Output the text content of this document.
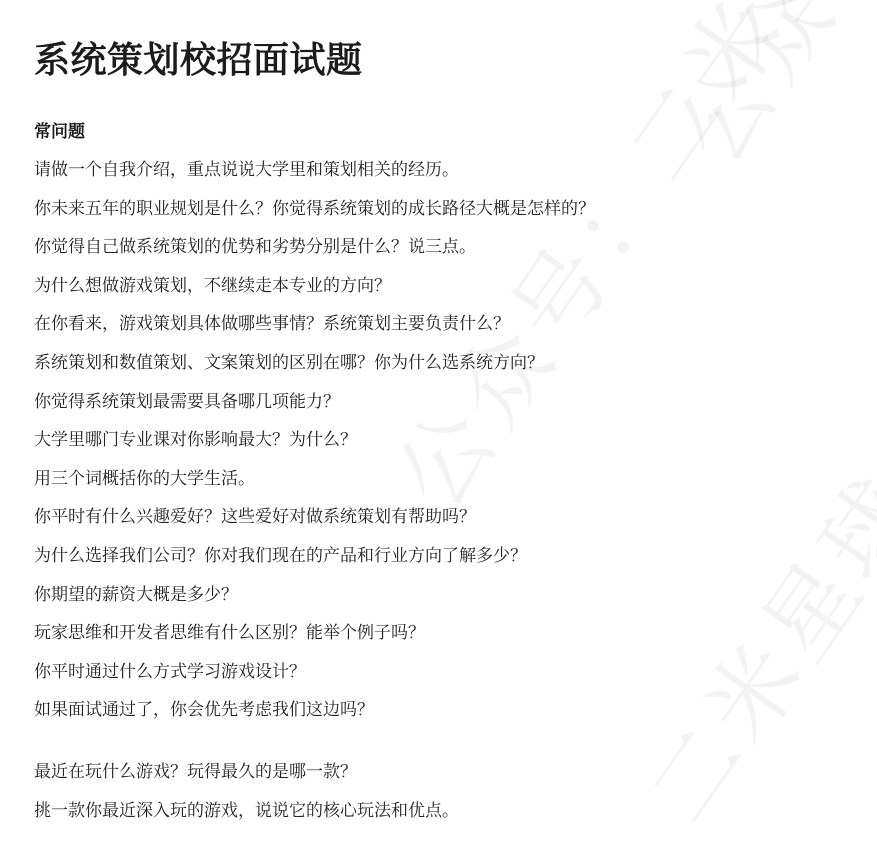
系统策划校招面试题
常问题
请做一个自我介绍，重点说说大学里和策划相关的经历。
你未来五年的职业规划是什么？你觉得系统策划的成长路径大概是怎样的？
你觉得自己做系统策划的优势和劣势分别是什么？说三点。
为什么想做游戏策划，不继续走本专业的方向？
在你看来，游戏策划具体做哪些事情？系统策划主要负责什么？
系统策划和数值策划、文案策划的区别在哪？你为什么选系统方向？
你觉得系统策划最需要具备哪几项能力？
大学里哪门专业课对你影响最大？为什么？
用三个词概括你的大学生活。
你平时有什么兴趣爱好？这些爱好对做系统策划有帮助吗？
为什么选择我们公司？你对我们现在的产品和行业方向了解多少？
你期望的薪资大概是多少？
玩家思维和开发者思维有什么区别？能举个例子吗？
你平时通过什么方式学习游戏设计？
如果面试通过了，你会优先考虑我们这边吗？
最近在玩什么游戏？玩得最久的是哪一款？
挑一款你最近深入玩的游戏，说说它的核心玩法和优点。
